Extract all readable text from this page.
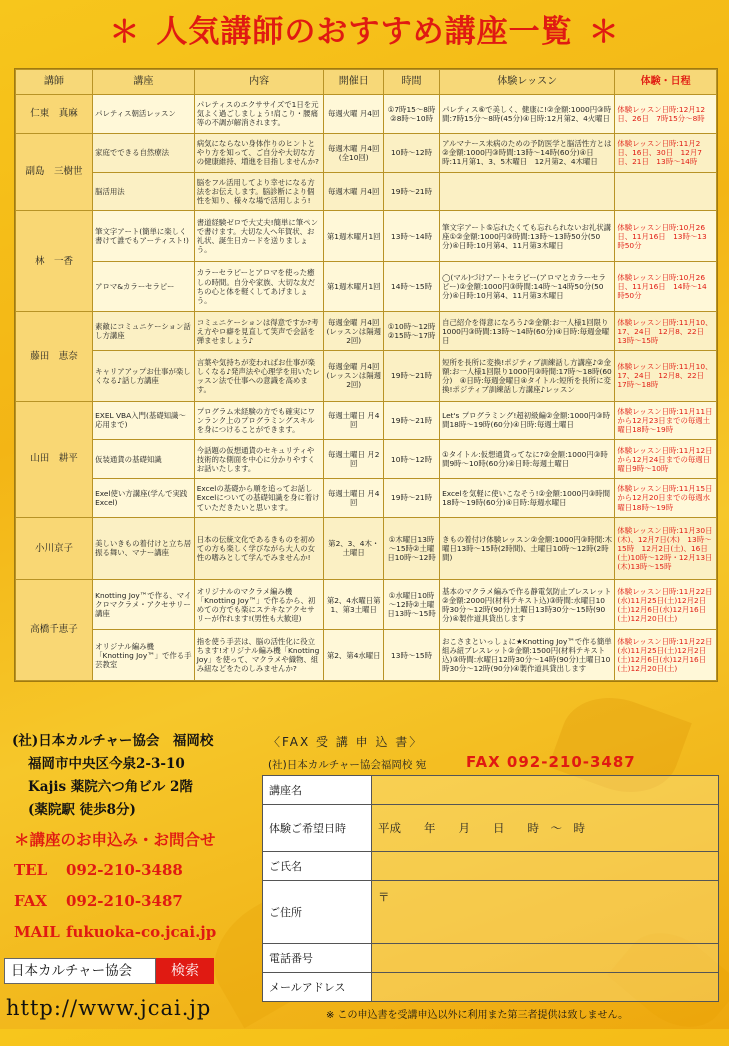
＊ 人気講師のおすすめ講座一覧 ＊
講師	講座	内容	開催日	時間	体験レッスン	体験・日程
仁東　真麻	パレティス朝活レッスン	パレティスのエクササイズで1日を元気よく過ごしましょう!肩こり・腰痛等の不調が解消されます。	毎週火曜 月4回	①7時15～8時②8時～10時	パレティス⑥で美しく、健康に!②金額:1000円③時間:7時15分～8時(45分)④日時:12月第2、4火曜日	体験レッスン日時:12月12日、26日　7時15分～8時
副島　三樹世	家庭でできる自然療法	病気にならない身体作りのヒントとやり方を知って、ご自分や大切な方の健康維持、増進を目指しませんか?	毎週木曜 月4回(全10回)	10時～12時	アルマナース未病のための予防医学と脳活性方とは②金額:1000円③時間:13時～14時(60分)④日時:11月第1、3、5木曜日　12月第2、4木曜日	体験レッスン日時:11月2日、16日、30日　12月7日、21日　13時～14時
	脳活用法	脳をフル活用してより幸せになる方法をお伝えします。脳診断により個性を知り、様々な場で活用しよう!	毎週木曜 月4回	19時～21時		
林　一香	筆文字アート(簡単に楽しく書けて誰でもアーティスト!)	書道経験ゼロで大丈夫!簡単に筆ペンで書けます。大切な人へ年賀状、お礼状、誕生日カードを送りましょう。	第1週木曜月1回	13時～14時	筆文字アート⑤忘れたくても忘れられないお礼状講座①②金額:1000円③時間:13時～13時50分(50分)④日時:10月第4、11月第3木曜日	体験レッスン日時:10月26日、11月16日　13時～13時50分
	アロマ&カラーセラピー	カラーセラピーとアロマを使った癒しの時間。自分や家族、大切な友だちの心と体を軽くしてあげましょう。	第1週木曜月1回	14時～15時	◯(マル)づけアートセラピー(アロマとカラーセラピー)②金額:1000円③時間:14時～14時50分(50分)④日時:10月第4、11月第3木曜日	体験レッスン日時:10月26日、11月16日　14時～14時50分
藤田　恵奈	素敵にコミュニケーション話し方講座	コミュニケーションは得意ですか?考え方やロ癖を見直して笑声で会話を弾ませましょう♪	毎週金曜 月4回(レッスンは隔週2回)	①10時～12時②15時～17時	自己紹介を得意になろう♪②金額:お一人様1回限り1000円③時間:13時～14時(60分)④日時:毎週金曜日	体験レッスン日時:11月10、17、24日　12月8、22日　13時～15時
	キャリアアップお仕事が楽しくなる♪話し方講座	言葉や気持ちが変わればお仕事が楽しくなる♪発声法や心理学を用いたレッスン法で仕事への意識を高めます。	毎週金曜 月4回(レッスンは隔週2回)	19時～21時	短所を長所に変換!ポジティブ訓練話し方講座♪②金額:お一人様1回限り1000円③時間:17時～18時(60分)　④日時:毎週金曜日④タイトル:短所を長所に変換!ポジティブ訓練話し方講座♪レッスン	体験レッスン日時:11月10、17、24日　12月8、22日　17時～18時
山田　耕平	EXEL VBA入門(基礎知識～応用まで)	プログラム未経験の方でも確実にワンランク上のプログラミングスキルを身につけることができます。	毎週土曜日 月4回	19時～21時	Let's プログラミング!超初級編②金額:1000円③時間18時～19時(60分)④日時:毎週土曜日	体験レッスン日時:11月11日から12月23日までの毎週土曜日18時～19時
	仮装通貨の基礎知識	今話題の仮想通貨のセキュリティや技術的な側面を中心に分かりやすくお話いたします。	毎週土曜日 月2回	10時～12時	①タイトル:仮想通貨ってなに?②金額:1000円③時間9時～10時(60分)④日時:毎週土曜日	体験レッスン日時:11月12日から12月24日までの毎週日曜日9時～10時
	Exel使い方講座(学んで実践Excel)	Excelの基礎から順を追ってお話しExcelについての基礎知識を身に着けていただきたいと思います。	毎週土曜日 月4回	19時～21時	Excelを気軽に使いこなそう!②金額:1000円③時間18時～19時(60分)④日時:毎週水曜日	体験レッスン日時:11月15日から12月20日までの毎週水曜日18時～19時
小川京子	美しいきもの着付けと立ち居振る舞い、マナー講座	日本の伝統文化であるきものを初めての方も楽しく学びながら大人の女性の嗜みとして学んでみませんか!	第2、3、4木・土曜日	①木曜日13時～15時②土曜日10時～12時	きもの着付け体験レッスン②金額:1000円③時間:木曜日13時～15時(2時間)、土曜日10時～12時(2時間)	体験レッスン日時:11月30日(木)、12月7日(木)　13時～15時　12月2日(土)、16日(土)10時～12時・12月13日(木)13時～15時
高橋千恵子	Knotting Joy™で作る、マイクロマクラメ・アクセサリー講座	オリジナルのマクラメ編み機「Knotting Joy™」で作るから、初めての方でも楽にステキなアクセサリーが作れます!(男性も大歓迎)	第2、4水曜日第1、第3土曜日	①水曜日10時～12時②土曜日13時～15時	基本のマクラメ編みで作る静電気防止ブレスレット②金額:2000円(材料テキスト込)③時間:水曜日10時30分～12時(90分)土曜日13時30分～15時(90分)④製作道具貸出します	体験レッスン日時:11月22日(水)11月25日(土)12月2日(土)12月6日(水)12月16日(土)12月20日(土)
	オリジナル編み機「Knotting Joy™」で作る手芸教室	指を使う手芸は、脳の活性化に役立ちます!オリジナル編み機「Knotting Joy」を使って、マクラメや織物、組み紐などをたのしみませんか?	第2、第4水曜日	13時～15時	おこさまといっしょに★Knotting Joy™で作る簡単組み紐ブレスレット②金額:1500円(材料テキスト込)③時間:水曜日12時30分～14時(90分)土曜日10時30分～12時(90分)④製作道具貸出します	体験レッスン日時:11月22日(水)11月25日(土)12月2日(土)12月6日(水)12月16日(土)12月20日(土)
(社)日本カルチャー協会　福岡校
福岡市中央区今泉2-3-10
Kajis 薬院六つ角ビル 2階
(薬院駅 徒歩8分)
＊講座のお申込み・お問合せ
TEL 092-210-3488
FAX 092-210-3487
MAIL fukuoka-co.jcai.jp
日本カルチャー協会	検索
http://www.jcai.jp
〈FAX 受 講 申 込 書〉
(社)日本カルチャー協会福岡校 宛	FAX 092-210-3487
講座名
体験ご希望日時	平成　　年　　月　　日　　時　～　時
ご氏名
ご住所
〒
電話番号
メールアドレス
※ この申込書を受講申込以外に利用また第三者提供は致しません。
